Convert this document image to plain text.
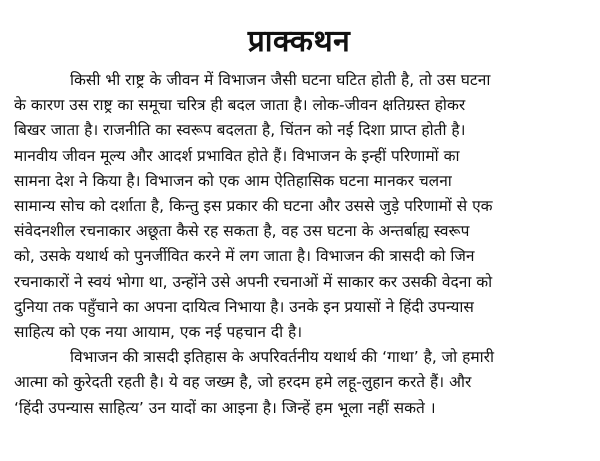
प्राक्कथन
किसी भी राष्ट्र के जीवन में विभाजन जैसी घटना घटित होती है, तो उस घटना
के कारण उस राष्ट्र का समूचा चरित्र ही बदल जाता है। लोक-जीवन क्षतिग्रस्त होकर
बिखर जाता है। राजनीति का स्वरूप बदलता है, चिंतन को नई दिशा प्राप्त होती है।
मानवीय जीवन मूल्य और आदर्श प्रभावित होते हैं। विभाजन के इन्हीं परिणामों का
सामना देश ने किया है। विभाजन को एक आम ऐतिहासिक घटना मानकर चलना
सामान्य सोच को दर्शाता है, किन्तु इस प्रकार की घटना और उससे जुड़े परिणामों से एक
संवेदनशील रचनाकार अछूता कैसे रह सकता है, वह उस घटना के अन्तर्बाह्य स्वरूप
को, उसके यथार्थ को पुनर्जीवित करने में लग जाता है। विभाजन की त्रासदी को जिन
रचनाकारों ने स्वयं भोगा था, उन्होंने उसे अपनी रचनाओं में साकार कर उसकी वेदना को
दुनिया तक पहुँचाने का अपना दायित्व निभाया है। उनके इन प्रयासों ने हिंदी उपन्यास
साहित्य को एक नया आयाम, एक नई पहचान दी है।
विभाजन की त्रासदी इतिहास के अपरिवर्तनीय यथार्थ की ‘गाथा’ है, जो हमारी
आत्मा को कुरेदती रहती है। ये वह जख्म है, जो हरदम हमे लहू-लुहान करते हैं। और
‘हिंदी उपन्यास साहित्य’ उन यादों का आइना है। जिन्हें हम भूला नहीं सकते ।
